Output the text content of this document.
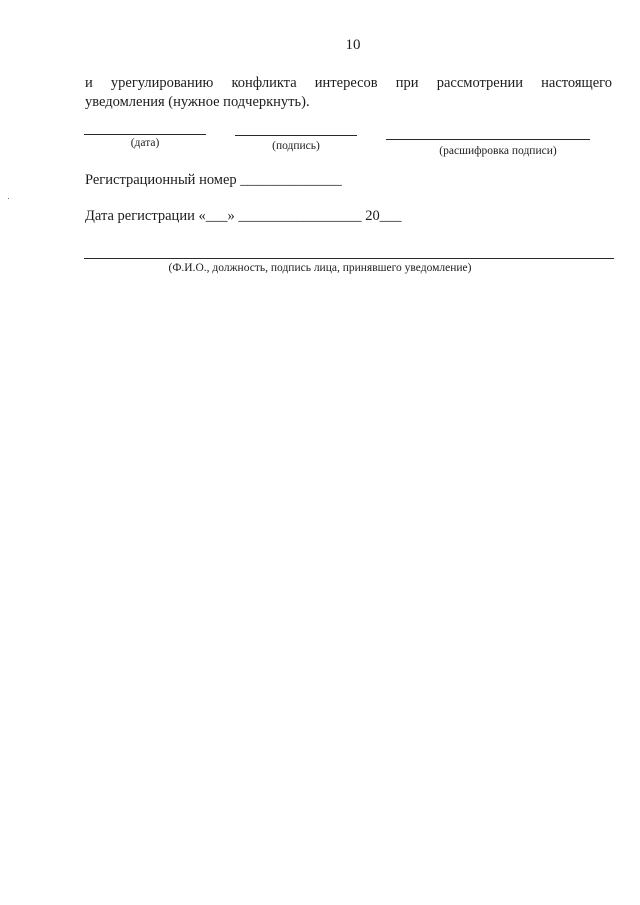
10
и урегулированию конфликта интересов при рассмотрении настоящего
уведомления (нужное подчеркнуть).
(дата)	(подпись)	(расшифровка подписи)
Регистрационный номер ______________
Дата регистрации «___» _________________ 20___
(Ф.И.О., должность, подпись лица, принявшего уведомление)
